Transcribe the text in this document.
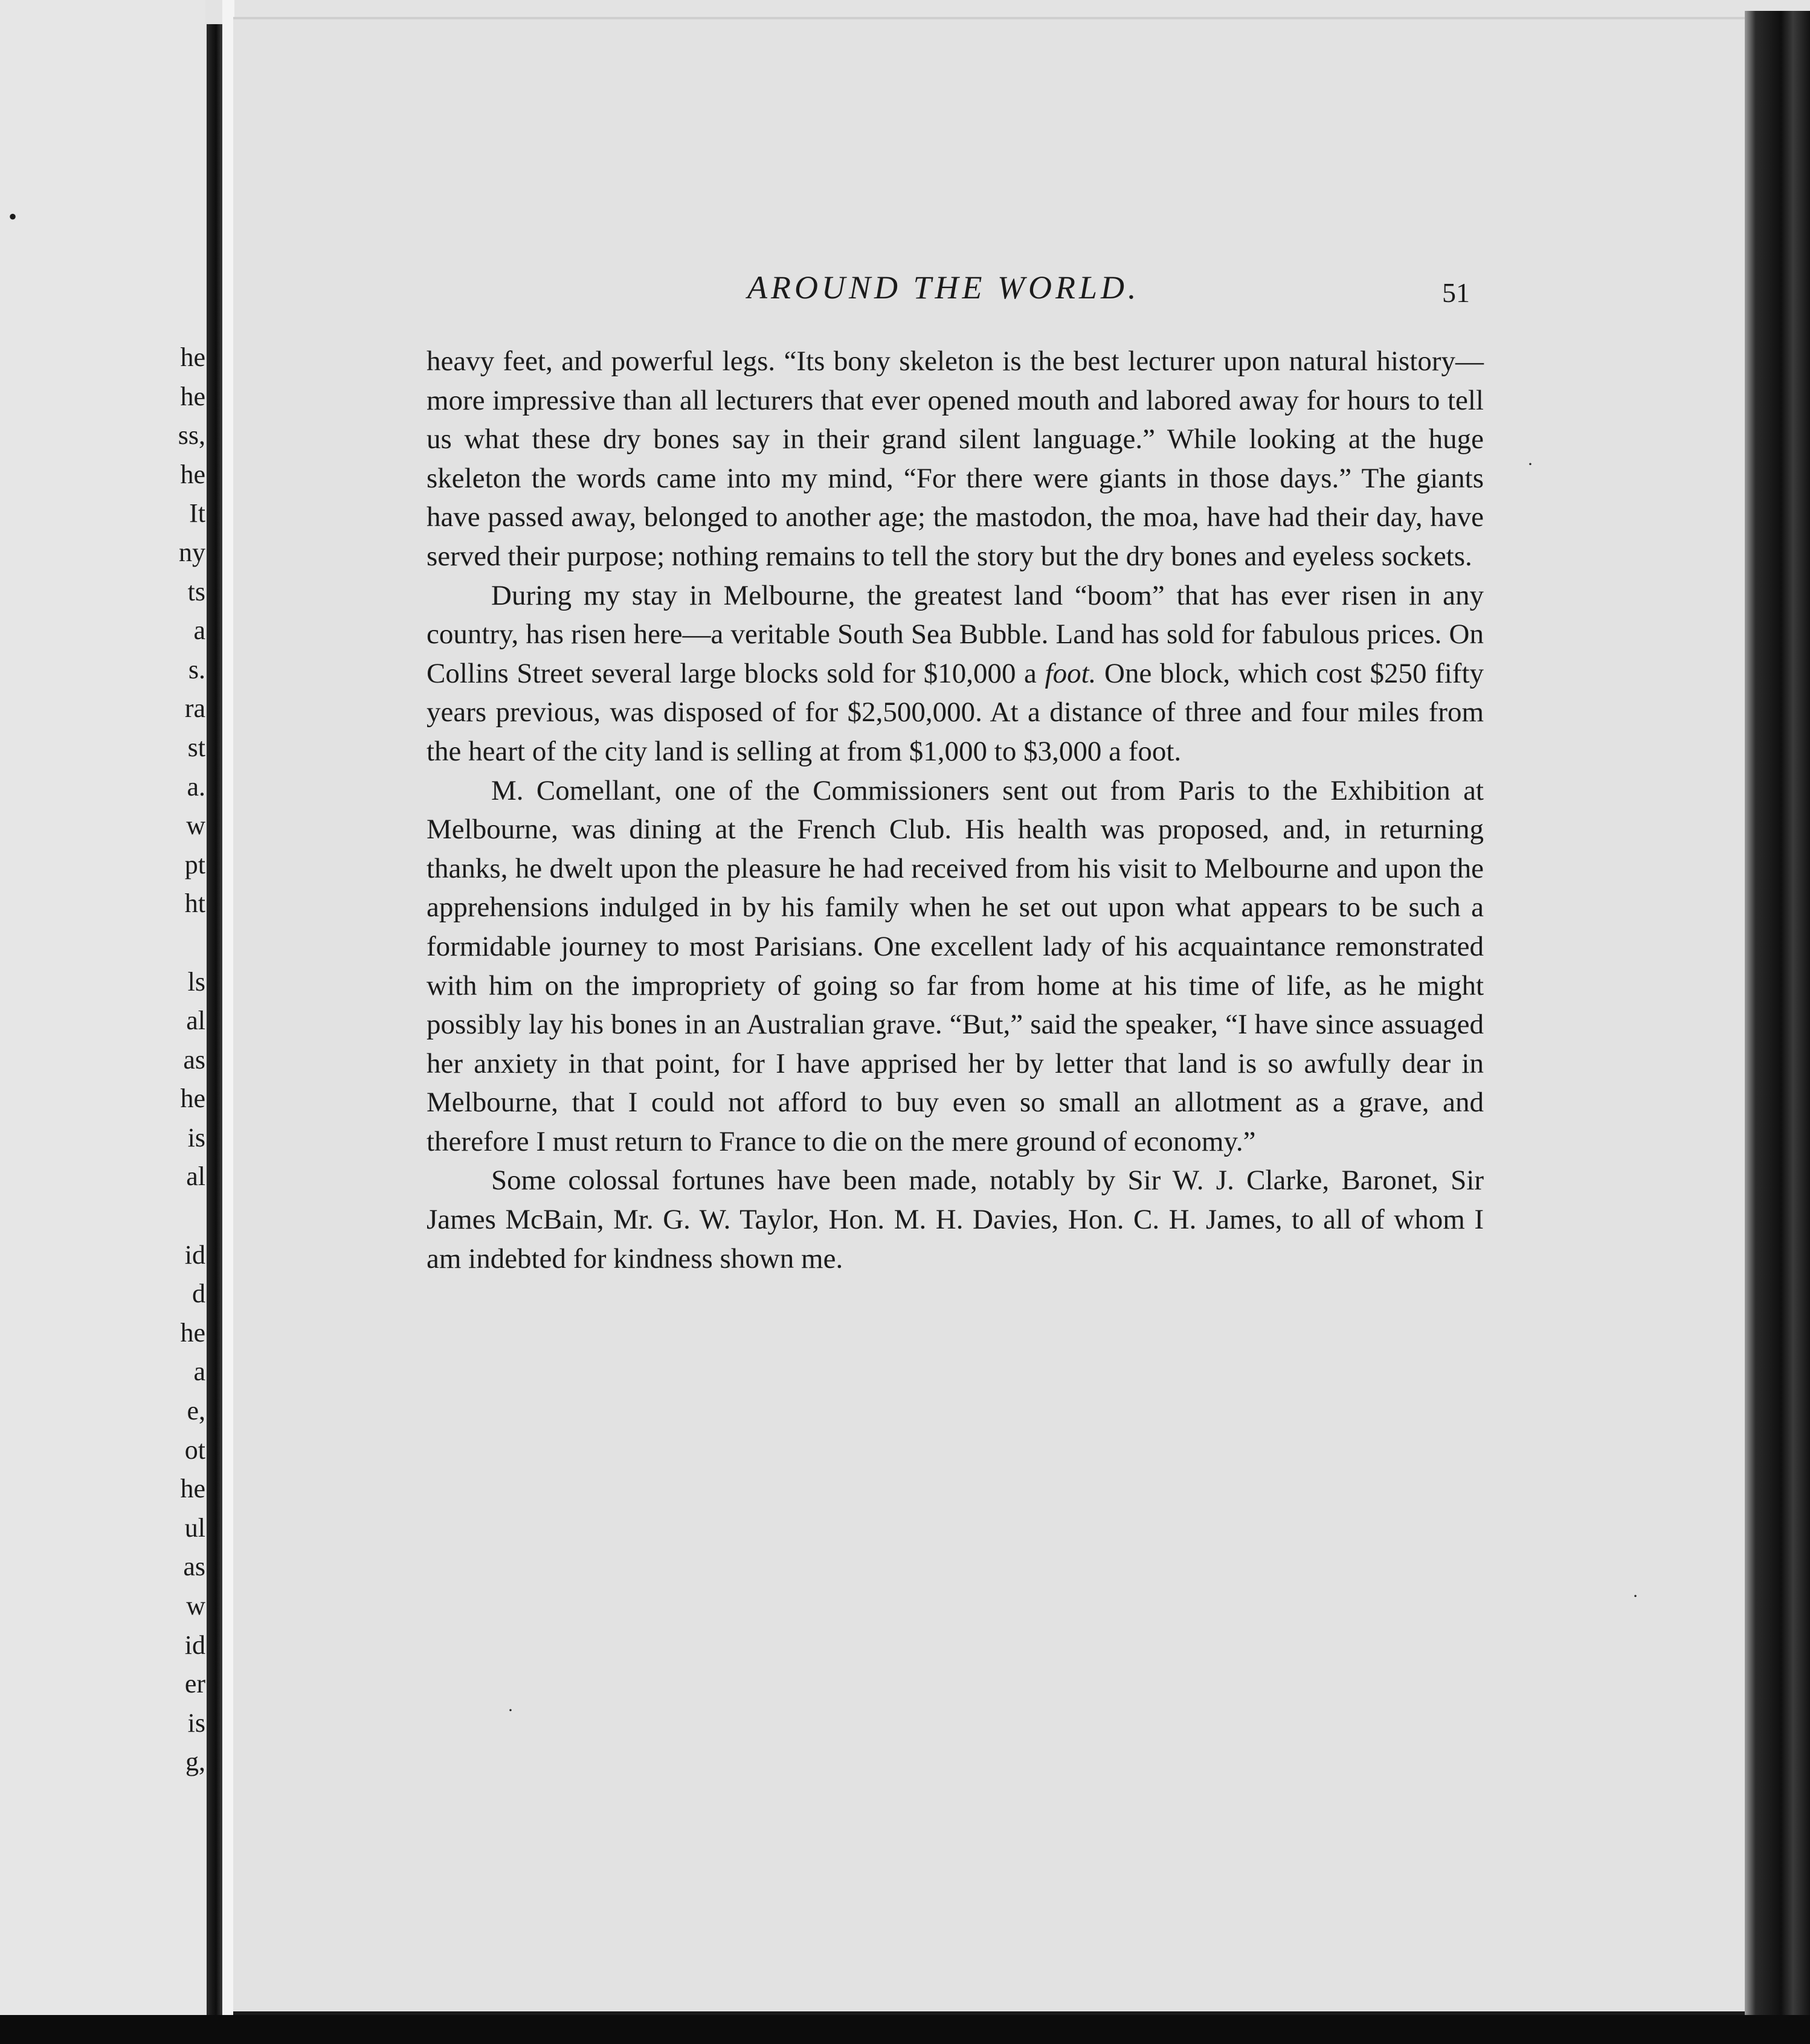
•
he
he
ss,
he
It
ny
ts
a
s.
ra
st
a.
w
pt
ht
ls
al
as
he
is
al
id
d
he
a
e,
ot
he
ul
as
w
id
er
is
g,
AROUND THE WORLD.	51

heavy feet, and powerful legs. “Its bony skeleton is the best lecturer upon natural history—more impressive than all lecturers that ever opened mouth and labored away for hours to tell us what these dry bones say in their grand silent language.” While looking at the huge skeleton the words came into my mind, “For there were giants in those days.” The giants have passed away, belonged to another age; the mastodon, the moa, have had their day, have served their purpose; nothing remains to tell the story but the dry bones and eyeless sockets.

During my stay in Melbourne, the greatest land “boom” that has ever risen in any country, has risen here—a veritable South Sea Bubble. Land has sold for fabulous prices. On Collins Street several large blocks sold for $10,000 a foot. One block, which cost $250 fifty years previous, was disposed of for $2,500,000. At a distance of three and four miles from the heart of the city land is selling at from $1,000 to $3,000 a foot.

M. Comellant, one of the Commissioners sent out from Paris to the Exhibition at Melbourne, was dining at the French Club. His health was proposed, and, in returning thanks, he dwelt upon the pleasure he had received from his visit to Melbourne and upon the apprehensions indulged in by his family when he set out upon what appears to be such a formidable journey to most Parisians. One excellent lady of his acquaintance remonstrated with him on the impropriety of going so far from home at his time of life, as he might possibly lay his bones in an Australian grave. “But,” said the speaker, “I have since assuaged her anxiety in that point, for I have apprised her by letter that land is so awfully dear in Melbourne, that I could not afford to buy even so small an allotment as a grave, and therefore I must return to France to die on the mere ground of economy.”

Some colossal fortunes have been made, notably by Sir W. J. Clarke, Baronet, Sir James McBain, Mr. G. W. Taylor, Hon. M. H. Davies, Hon. C. H. James, to all of whom I am indebted for kindness shown me.

·
·
·
